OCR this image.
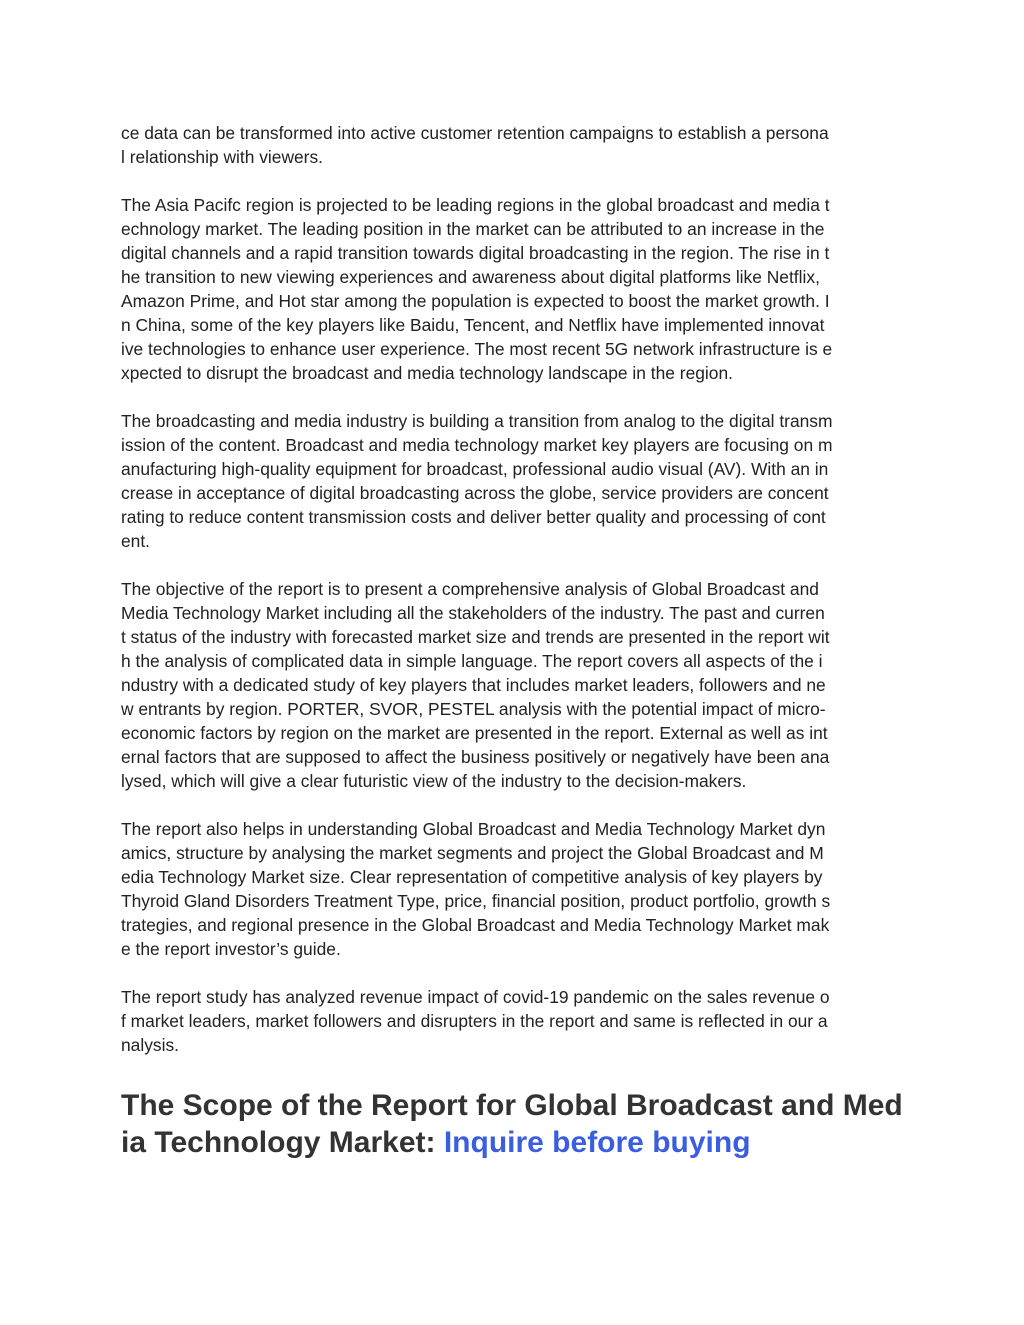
ce data can be transformed into active customer retention campaigns to establish a persona
l relationship with viewers.

The Asia Pacifc region is projected to be leading regions in the global broadcast and media t
echnology market. The leading position in the market can be attributed to an increase in the
digital channels and a rapid transition towards digital broadcasting in the region. The rise in t
he transition to new viewing experiences and awareness about digital platforms like Netflix,
Amazon Prime, and Hot star among the population is expected to boost the market growth. I
n China, some of the key players like Baidu, Tencent, and Netflix have implemented innovat
ive technologies to enhance user experience. The most recent 5G network infrastructure is e
xpected to disrupt the broadcast and media technology landscape in the region.

The broadcasting and media industry is building a transition from analog to the digital transm
ission of the content. Broadcast and media technology market key players are focusing on m
anufacturing high-quality equipment for broadcast, professional audio visual (AV). With an in
crease in acceptance of digital broadcasting across the globe, service providers are concent
rating to reduce content transmission costs and deliver better quality and processing of cont
ent.

The objective of the report is to present a comprehensive analysis of Global Broadcast and
Media Technology Market including all the stakeholders of the industry. The past and curren
t status of the industry with forecasted market size and trends are presented in the report wit
h the analysis of complicated data in simple language. The report covers all aspects of the i
ndustry with a dedicated study of key players that includes market leaders, followers and ne
w entrants by region. PORTER, SVOR, PESTEL analysis with the potential impact of micro-
economic factors by region on the market are presented in the report. External as well as int
ernal factors that are supposed to affect the business positively or negatively have been ana
lysed, which will give a clear futuristic view of the industry to the decision-makers.

The report also helps in understanding Global Broadcast and Media Technology Market dyn
amics, structure by analysing the market segments and project the Global Broadcast and M
edia Technology Market size. Clear representation of competitive analysis of key players by
Thyroid Gland Disorders Treatment Type, price, financial position, product portfolio, growth s
trategies, and regional presence in the Global Broadcast and Media Technology Market mak
e the report investor’s guide.

The report study has analyzed revenue impact of covid-19 pandemic on the sales revenue o
f market leaders, market followers and disrupters in the report and same is reflected in our a
nalysis.

The Scope of the Report for Global Broadcast and Med
ia Technology Market: Inquire before buying
